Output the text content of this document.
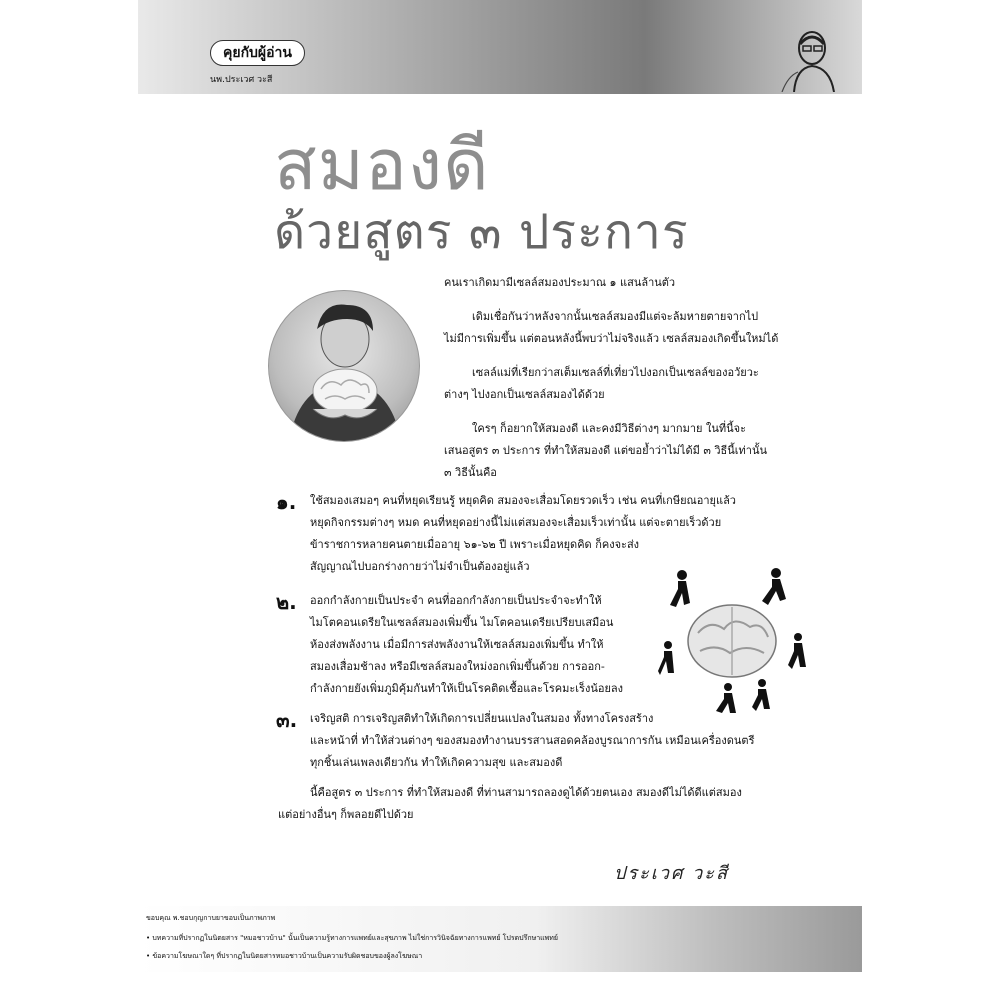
คุยกับผู้อ่าน
นพ.ประเวศ วะสี
สมองดี
ด้วยสูตร ๓ ประการ
คนเราเกิดมามีเซลล์สมองประมาณ ๑ แสนล้านตัว
เดิมเชื่อกันว่าหลังจากนั้นเซลล์สมองมีแต่จะล้มหายตายจากไป
ไม่มีการเพิ่มขึ้น แต่ตอนหลังนี้พบว่าไม่จริงแล้ว เซลล์สมองเกิดขึ้นใหม่ได้
เซลล์แม่ที่เรียกว่าสเต็มเซลล์ที่เที่ยวไปงอกเป็นเซลล์ของอวัยวะ
ต่างๆ ไปงอกเป็นเซลล์สมองได้ด้วย
ใครๆ ก็อยากให้สมองดี และคงมีวิธีต่างๆ มากมาย ในที่นี้จะ
เสนอสูตร ๓ ประการ ที่ทำให้สมองดี แต่ขอย้ำว่าไม่ได้มี ๓ วิธีนี้เท่านั้น
๓ วิธีนั้นคือ
๑. ใช้สมองเสมอๆ คนที่หยุดเรียนรู้ หยุดคิด สมองจะเสื่อมโดยรวดเร็ว เช่น คนที่เกษียณอายุแล้ว
หยุดกิจกรรมต่างๆ หมด คนที่หยุดอย่างนี้ไม่แต่สมองจะเสื่อมเร็วเท่านั้น แต่จะตายเร็วด้วย
ข้าราชการหลายคนตายเมื่ออายุ ๖๑-๖๒ ปี เพราะเมื่อหยุดคิด ก็คงจะส่ง
สัญญาณไปบอกร่างกายว่าไม่จำเป็นต้องอยู่แล้ว
๒. ออกกำลังกายเป็นประจำ คนที่ออกกำลังกายเป็นประจำจะทำให้
ไมโตคอนเดรียในเซลล์สมองเพิ่มขึ้น ไมโตคอนเดรียเปรียบเสมือน
ห้องส่งพลังงาน เมื่อมีการส่งพลังงานให้เซลล์สมองเพิ่มขึ้น ทำให้
สมองเสื่อมช้าลง หรือมีเซลล์สมองใหม่งอกเพิ่มขึ้นด้วย การออก-
กำลังกายยังเพิ่มภูมิคุ้มกันทำให้เป็นโรคติดเชื้อและโรคมะเร็งน้อยลง
๓. เจริญสติ การเจริญสติทำให้เกิดการเปลี่ยนแปลงในสมอง ทั้งทางโครงสร้าง
และหน้าที่ ทำให้ส่วนต่างๆ ของสมองทำงานบรรสานสอดคล้องบูรณาการกัน เหมือนเครื่องดนตรี
ทุกชิ้นเล่นเพลงเดียวกัน ทำให้เกิดความสุข และสมองดี
นี้คือสูตร ๓ ประการ ที่ทำให้สมองดี ที่ท่านสามารถลองดูได้ด้วยตนเอง สมองดีไม่ได้ดีแต่สมอง
แต่อย่างอื่นๆ ก็พลอยดีไปด้วย
ประเวศ วะสี
ขอบคุณ พ.ชอบกุญกาบยาขอบเป็นภาพภาพ
• บทความที่ปรากฏในนิตยสาร "หมอชาวบ้าน" นั้นเป็นความรู้ทางการแพทย์และสุขภาพ ไม่ใช่การวินิจฉัยทางการแพทย์ โปรดปรึกษาแพทย์
• ข้อความโฆษณาใดๆ ที่ปรากฏในนิตยสารหมอชาวบ้านเป็นความรับผิดชอบของผู้ลงโฆษณา
